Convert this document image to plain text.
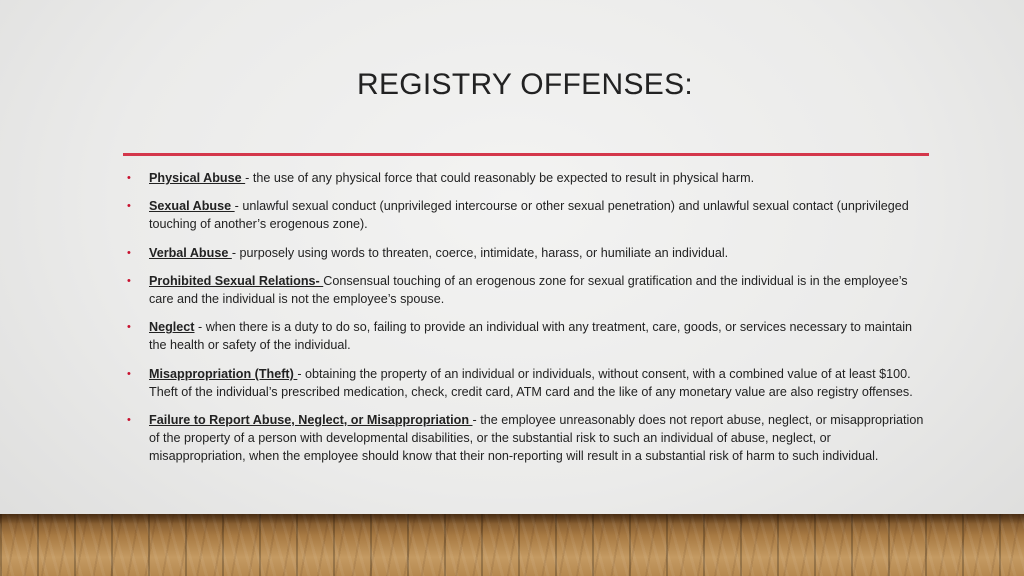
REGISTRY OFFENSES:
• Physical Abuse - the use of any physical force that could reasonably be expected to result in physical harm.
• Sexual Abuse - unlawful sexual conduct (unprivileged intercourse or other sexual penetration) and unlawful sexual contact (unprivileged touching of another’s erogenous zone).
• Verbal Abuse - purposely using words to threaten, coerce, intimidate, harass, or humiliate an individual.
• Prohibited Sexual Relations- Consensual touching of an erogenous zone for sexual gratification and the individual is in the employee’s care and the individual is not the employee’s spouse.
• Neglect - when there is a duty to do so, failing to provide an individual with any treatment, care, goods, or services necessary to maintain the health or safety of the individual.
• Misappropriation (Theft) - obtaining the property of an individual or individuals, without consent, with a combined value of at least $100. Theft of the individual’s prescribed medication, check, credit card, ATM card and the like of any monetary value are also registry offenses.
• Failure to Report Abuse, Neglect, or Misappropriation - the employee unreasonably does not report abuse, neglect, or misappropriation of the property of a person with developmental disabilities, or the substantial risk to such an individual of abuse, neglect, or misappropriation, when the employee should know that their non-reporting will result in a substantial risk of harm to such individual.
